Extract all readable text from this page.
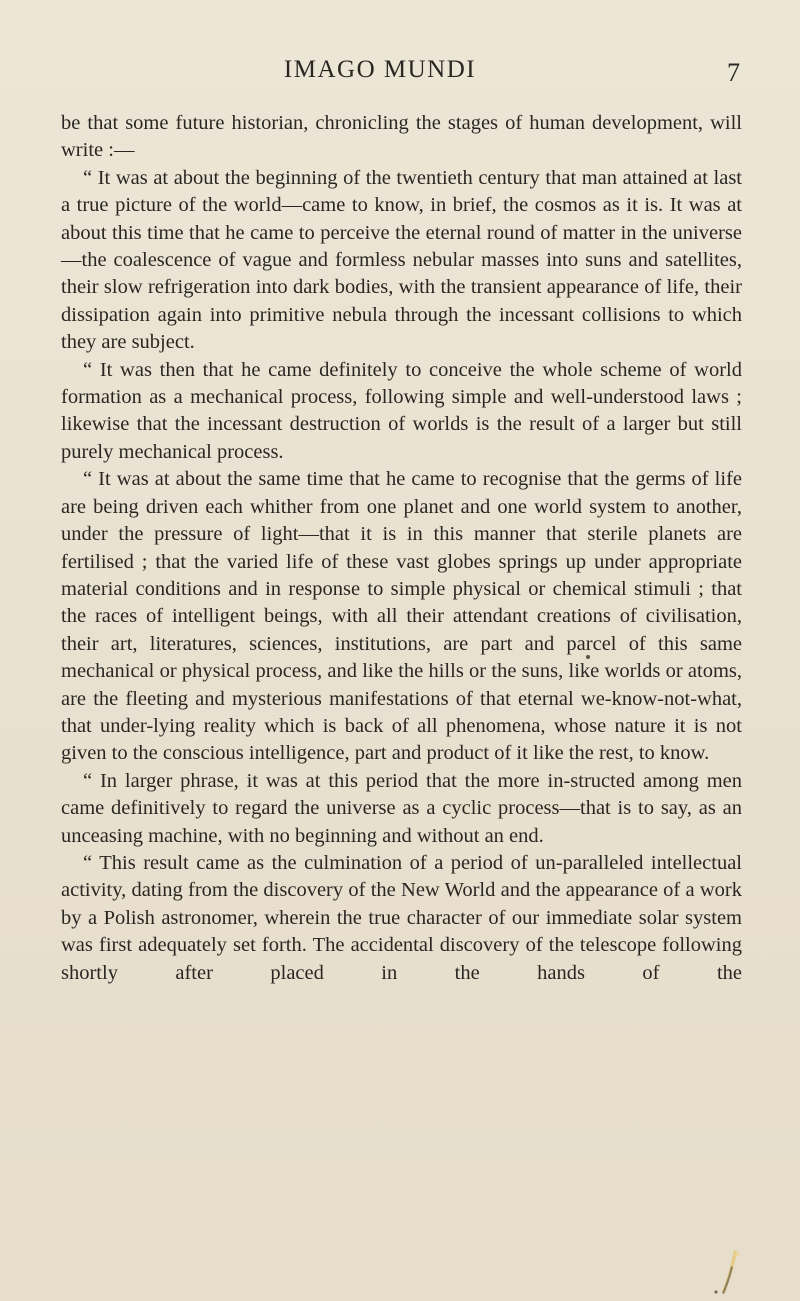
IMAGO MUNDI	7

be that some future historian, chronicling the stages of human development, will write :—

“ It was at about the beginning of the twentieth century that man attained at last a true picture of the world—came to know, in brief, the cosmos as it is. It was at about this time that he came to perceive the eternal round of matter in the universe—the coalescence of vague and formless nebular masses into suns and satellites, their slow refrigeration into dark bodies, with the transient appearance of life, their dissipation again into primitive nebula through the incessant collisions to which they are subject.

“ It was then that he came definitely to conceive the whole scheme of world formation as a mechanical process, following simple and well-understood laws ; likewise that the incessant destruction of worlds is the result of a larger but still purely mechanical process.

“ It was at about the same time that he came to recognise that the germs of life are being driven each whither from one planet and one world system to another, under the pressure of light—that it is in this manner that sterile planets are fertilised ; that the varied life of these vast globes springs up under appropriate material conditions and in response to simple physical or chemical stimuli ; that the races of intelligent beings, with all their attendant creations of civilisation, their art, literatures, sciences, institutions, are part and parcel of this same mechanical or physical process, and like the hills or the suns, like worlds or atoms, are the fleeting and mysterious manifestations of that eternal we-know-not-what, that under-lying reality which is back of all phenomena, whose nature it is not given to the conscious intelligence, part and product of it like the rest, to know.

“ In larger phrase, it was at this period that the more in-structed among men came definitively to regard the universe as a cyclic process—that is to say, as an unceasing machine, with no beginning and without an end.

“ This result came as the culmination of a period of un-paralleled intellectual activity, dating from the discovery of the New World and the appearance of a work by a Polish astronomer, wherein the true character of our immediate solar system was first adequately set forth. The accidental discovery of the telescope following shortly after placed in the hands of the
